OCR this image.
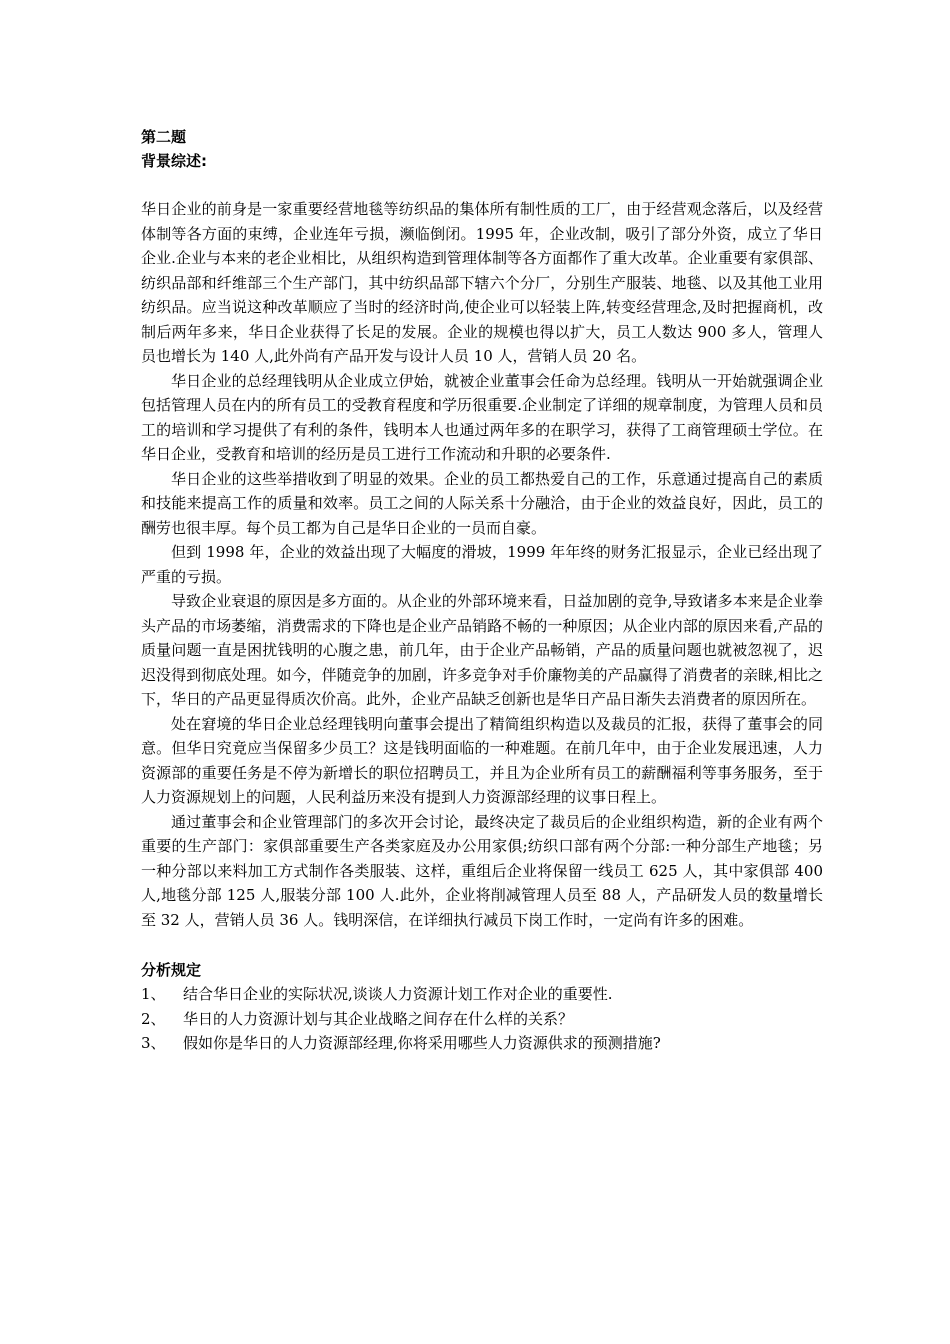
第二题

背景综述:

华日企业的前身是一家重要经营地毯等纺织品的集体所有制性质的工厂，由于经营观念落后，以及经营体制等各方面的束缚，企业连年亏损，濒临倒闭。1995 年，企业改制，吸引了部分外资，成立了华日企业.企业与本来的老企业相比，从组织构造到管理体制等各方面都作了重大改革。企业重要有家俱部、纺织品部和纤维部三个生产部门，其中纺织品部下辖六个分厂，分别生产服装、地毯、以及其他工业用纺织品。应当说这种改革顺应了当时的经济时尚,使企业可以轻装上阵,转变经营理念,及时把握商机，改制后两年多来，华日企业获得了长足的发展。企业的规模也得以扩大，员工人数达 900 多人，管理人员也增长为 140 人,此外尚有产品开发与设计人员 10 人，营销人员 20 名。

华日企业的总经理钱明从企业成立伊始，就被企业董事会任命为总经理。钱明从一开始就强调企业包括管理人员在内的所有员工的受教育程度和学历很重要.企业制定了详细的规章制度，为管理人员和员工的培训和学习提供了有利的条件，钱明本人也通过两年多的在职学习，获得了工商管理硕士学位。在华日企业，受教育和培训的经历是员工进行工作流动和升职的必要条件.

华日企业的这些举措收到了明显的效果。企业的员工都热爱自己的工作，乐意通过提高自己的素质和技能来提高工作的质量和效率。员工之间的人际关系十分融洽，由于企业的效益良好，因此，员工的酬劳也很丰厚。每个员工都为自己是华日企业的一员而自豪。

但到 1998 年，企业的效益出现了大幅度的滑坡，1999 年年终的财务汇报显示，企业已经出现了严重的亏损。

导致企业衰退的原因是多方面的。从企业的外部环境来看，日益加剧的竞争,导致诸多本来是企业拳头产品的市场萎缩，消费需求的下降也是企业产品销路不畅的一种原因；从企业内部的原因来看,产品的质量问题一直是困扰钱明的心腹之患，前几年，由于企业产品畅销，产品的质量问题也就被忽视了，迟迟没得到彻底处理。如今，伴随竞争的加剧，许多竞争对手价廉物美的产品赢得了消费者的亲睐,相比之下，华日的产品更显得质次价高。此外，企业产品缺乏创新也是华日产品日渐失去消费者的原因所在。

处在窘境的华日企业总经理钱明向董事会提出了精简组织构造以及裁员的汇报，获得了董事会的同意。但华日究竟应当保留多少员工？这是钱明面临的一种难题。在前几年中，由于企业发展迅速，人力资源部的重要任务是不停为新增长的职位招聘员工，并且为企业所有员工的薪酬福利等事务服务，至于人力资源规划上的问题，人民利益历来没有提到人力资源部经理的议事日程上。

通过董事会和企业管理部门的多次开会讨论，最终决定了裁员后的企业组织构造，新的企业有两个重要的生产部门：家俱部重要生产各类家庭及办公用家俱;纺织口部有两个分部:一种分部生产地毯；另一种分部以来料加工方式制作各类服装、这样，重组后企业将保留一线员工 625 人，其中家俱部 400 人,地毯分部 125 人,服装分部 100 人.此外，企业将削减管理人员至 88 人，产品研发人员的数量增长至 32 人，营销人员 36 人。钱明深信，在详细执行减员下岗工作时，一定尚有许多的困难。

分析规定

1、	结合华日企业的实际状况,谈谈人力资源计划工作对企业的重要性.
2、	华日的人力资源计划与其企业战略之间存在什么样的关系？
3、	假如你是华日的人力资源部经理,你将采用哪些人力资源供求的预测措施?
